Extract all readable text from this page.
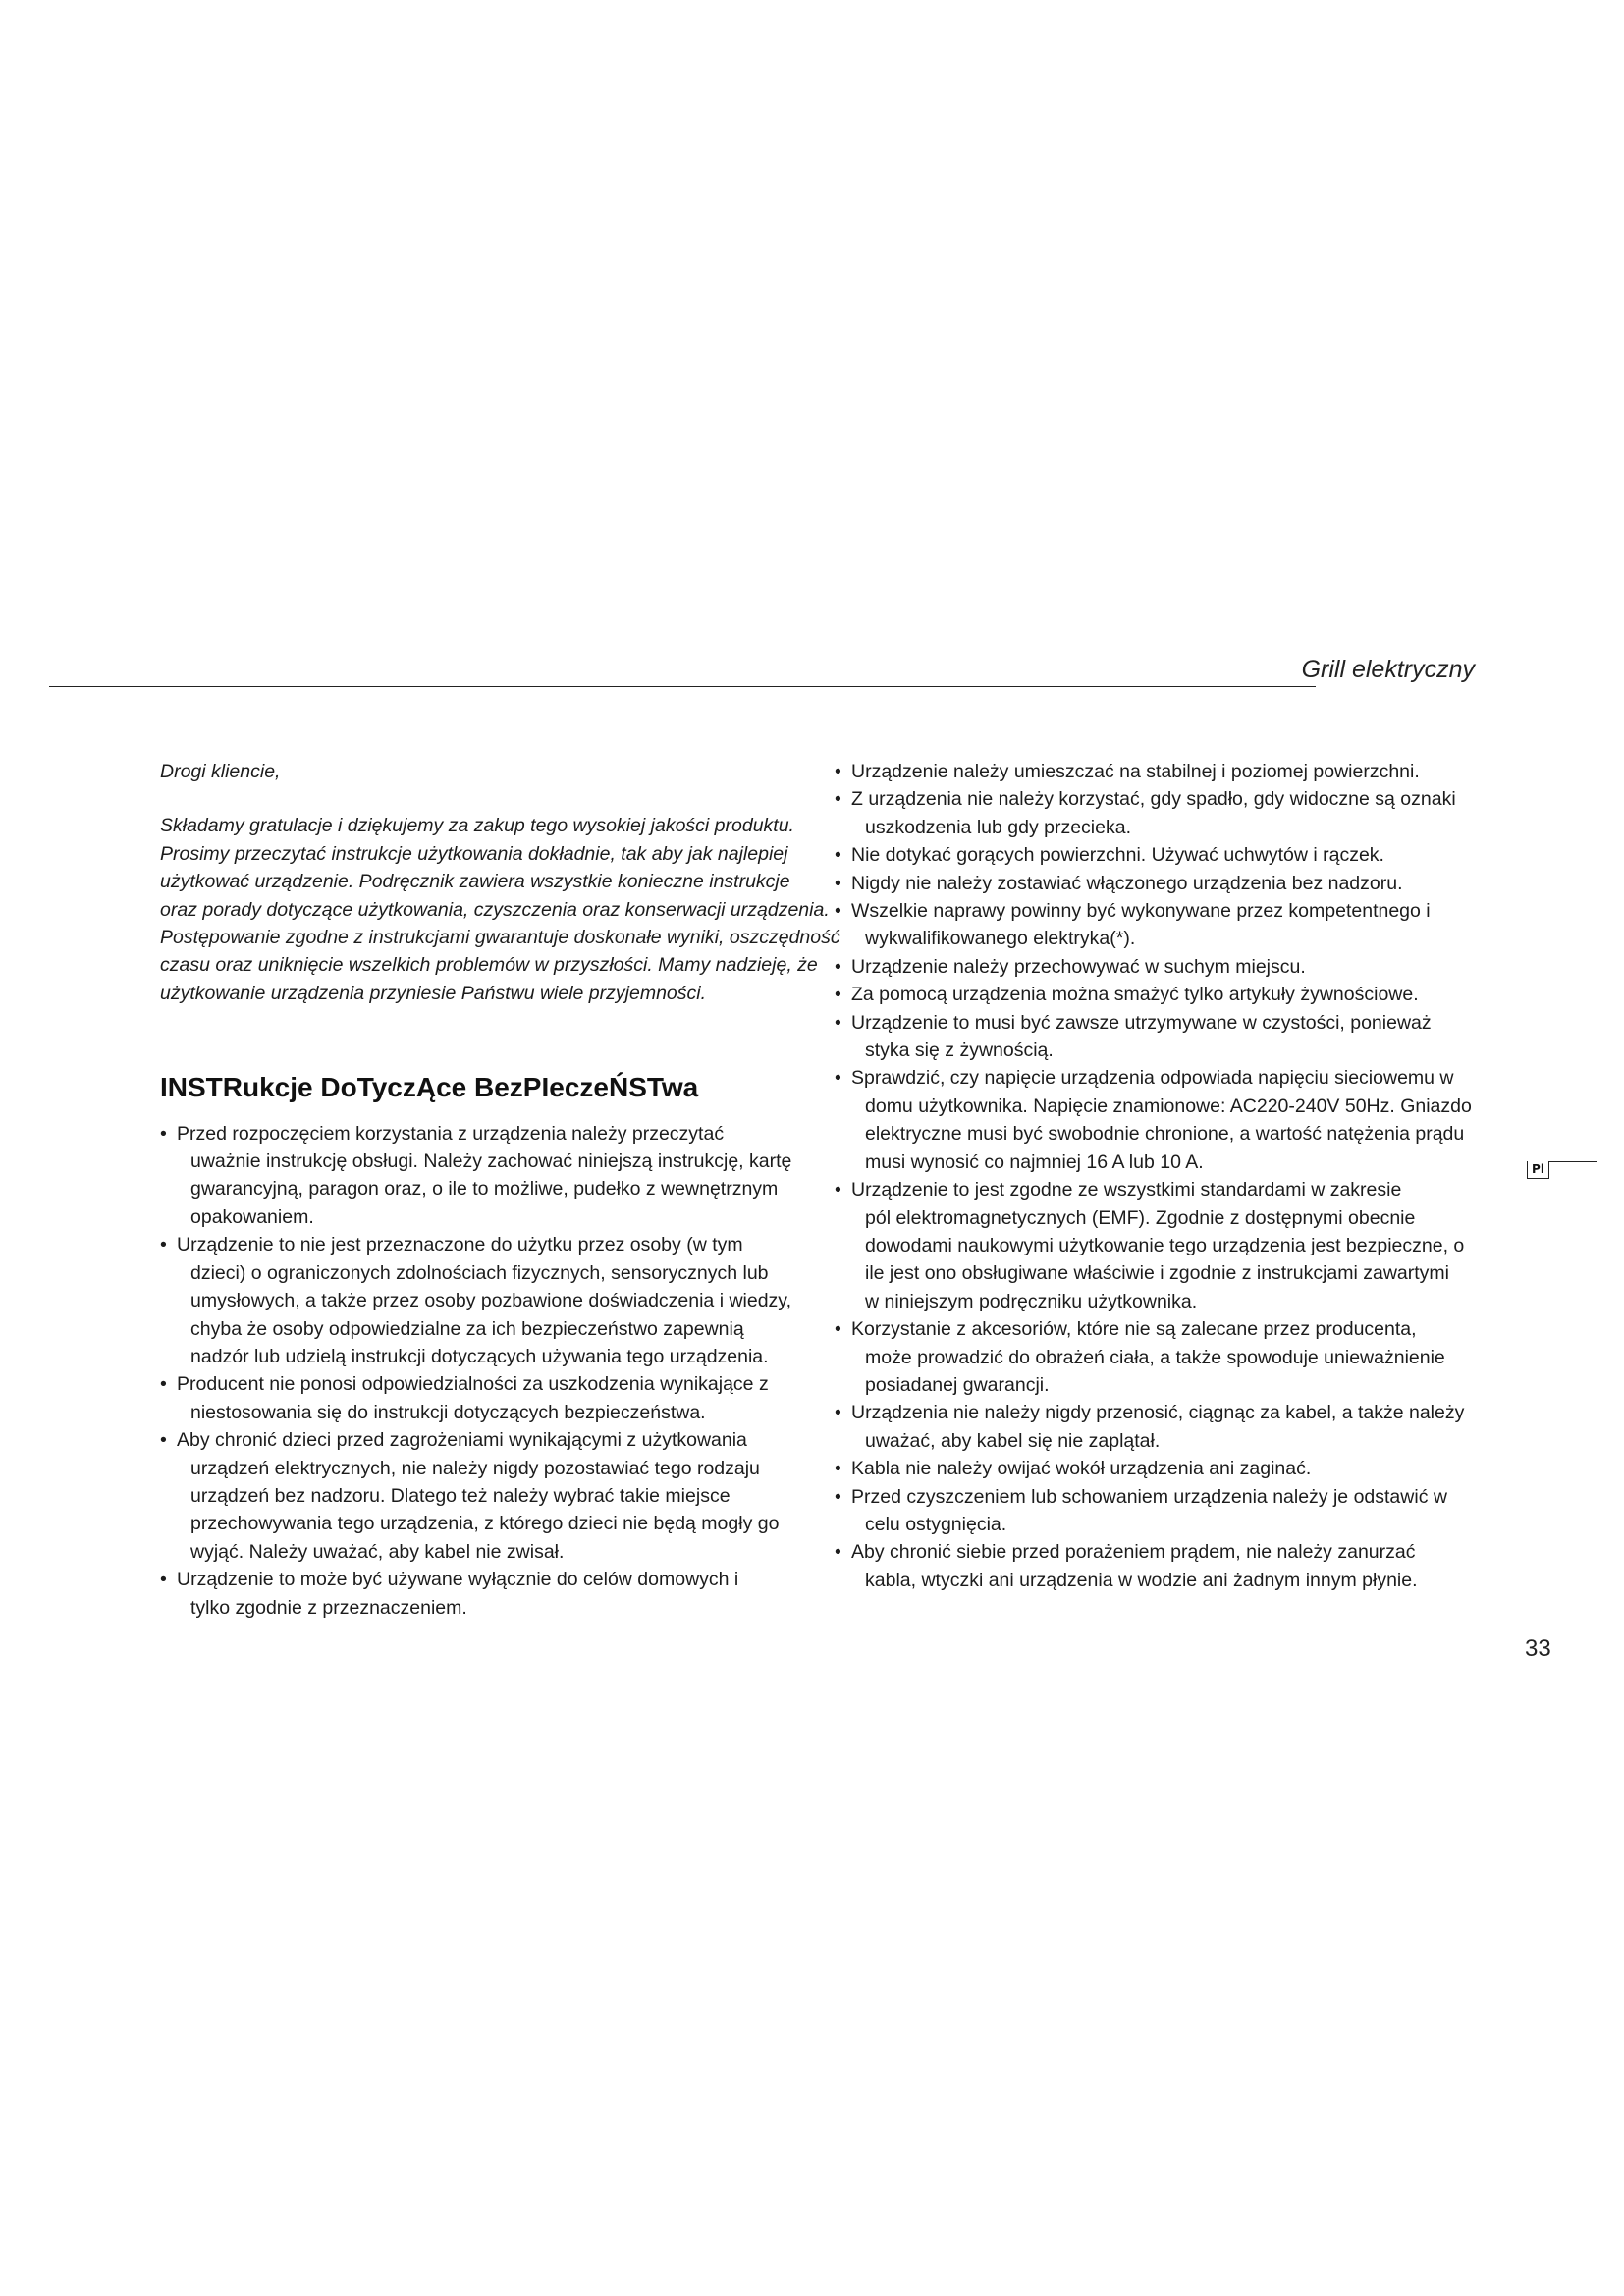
Grill elektryczny

Drogi kliencie,

Składamy gratulacje i dziękujemy za zakup tego wysokiej jakości produktu.
Prosimy przeczytać instrukcje użytkowania dokładnie, tak aby jak najlepiej
użytkować urządzenie. Podręcznik zawiera wszystkie konieczne instrukcje
oraz porady dotyczące użytkowania, czyszczenia oraz konserwacji urządzenia.
Postępowanie zgodne z instrukcjami gwarantuje doskonałe wyniki, oszczędność
czasu oraz uniknięcie wszelkich problemów w przyszłości. Mamy nadzieję, że
użytkowanie urządzenia przyniesie Państwu wiele przyjemności.

INSTRukcje DoTyczĄce BezPIeczeŃSTwa
• Przed rozpoczęciem korzystania z urządzenia należy przeczytać
uważnie instrukcję obsługi. Należy zachować niniejszą instrukcję, kartę
gwarancyjną, paragon oraz, o ile to możliwe, pudełko z wewnętrznym
opakowaniem.
• Urządzenie to nie jest przeznaczone do użytku przez osoby (w tym
dzieci) o ograniczonych zdolnościach fizycznych, sensorycznych lub
umysłowych, a także przez osoby pozbawione doświadczenia i wiedzy,
chyba że osoby odpowiedzialne za ich bezpieczeństwo zapewnią
nadzór lub udzielą instrukcji dotyczących używania tego urządzenia.
• Producent nie ponosi odpowiedzialności za uszkodzenia wynikające z
niestosowania się do instrukcji dotyczących bezpieczeństwa.
• Aby chronić dzieci przed zagrożeniami wynikającymi z użytkowania
urządzeń elektrycznych, nie należy nigdy pozostawiać tego rodzaju
urządzeń bez nadzoru. Dlatego też należy wybrać takie miejsce
przechowywania tego urządzenia, z którego dzieci nie będą mogły go
wyjąć. Należy uważać, aby kabel nie zwisał.
• Urządzenie to może być używane wyłącznie do celów domowych i
tylko zgodnie z przeznaczeniem.
• Urządzenie należy umieszczać na stabilnej i poziomej powierzchni.
• Z urządzenia nie należy korzystać, gdy spadło, gdy widoczne są oznaki
uszkodzenia lub gdy przecieka.
• Nie dotykać gorących powierzchni. Używać uchwytów i rączek.
• Nigdy nie należy zostawiać włączonego urządzenia bez nadzoru.
• Wszelkie naprawy powinny być wykonywane przez kompetentnego i
wykwalifikowanego elektryka(*).
• Urządzenie należy przechowywać w suchym miejscu.
• Za pomocą urządzenia można smażyć tylko artykuły żywnościowe.
• Urządzenie to musi być zawsze utrzymywane w czystości, ponieważ
styka się z żywnością.
• Sprawdzić, czy napięcie urządzenia odpowiada napięciu sieciowemu w
domu użytkownika. Napięcie znamionowe: AC220-240V 50Hz. Gniazdo
elektryczne musi być swobodnie chronione, a wartość natężenia prądu
musi wynosić co najmniej 16 A lub 10 A.
• Urządzenie to jest zgodne ze wszystkimi standardami w zakresie
pól elektromagnetycznych (EMF). Zgodnie z dostępnymi obecnie
dowodami naukowymi użytkowanie tego urządzenia jest bezpieczne, o
ile jest ono obsługiwane właściwie i zgodnie z instrukcjami zawartymi
w niniejszym podręczniku użytkownika.
• Korzystanie z akcesoriów, które nie są zalecane przez producenta,
może prowadzić do obrażeń ciała, a także spowoduje unieważnienie
posiadanej gwarancji.
• Urządzenia nie należy nigdy przenosić, ciągnąc za kabel, a także należy
uważać, aby kabel się nie zaplątał.
• Kabla nie należy owijać wokół urządzenia ani zaginać.
• Przed czyszczeniem lub schowaniem urządzenia należy je odstawić w
celu ostygnięcia.
• Aby chronić siebie przed porażeniem prądem, nie należy zanurzać
kabla, wtyczki ani urządzenia w wodzie ani żadnym innym płynie.
Pl
33
